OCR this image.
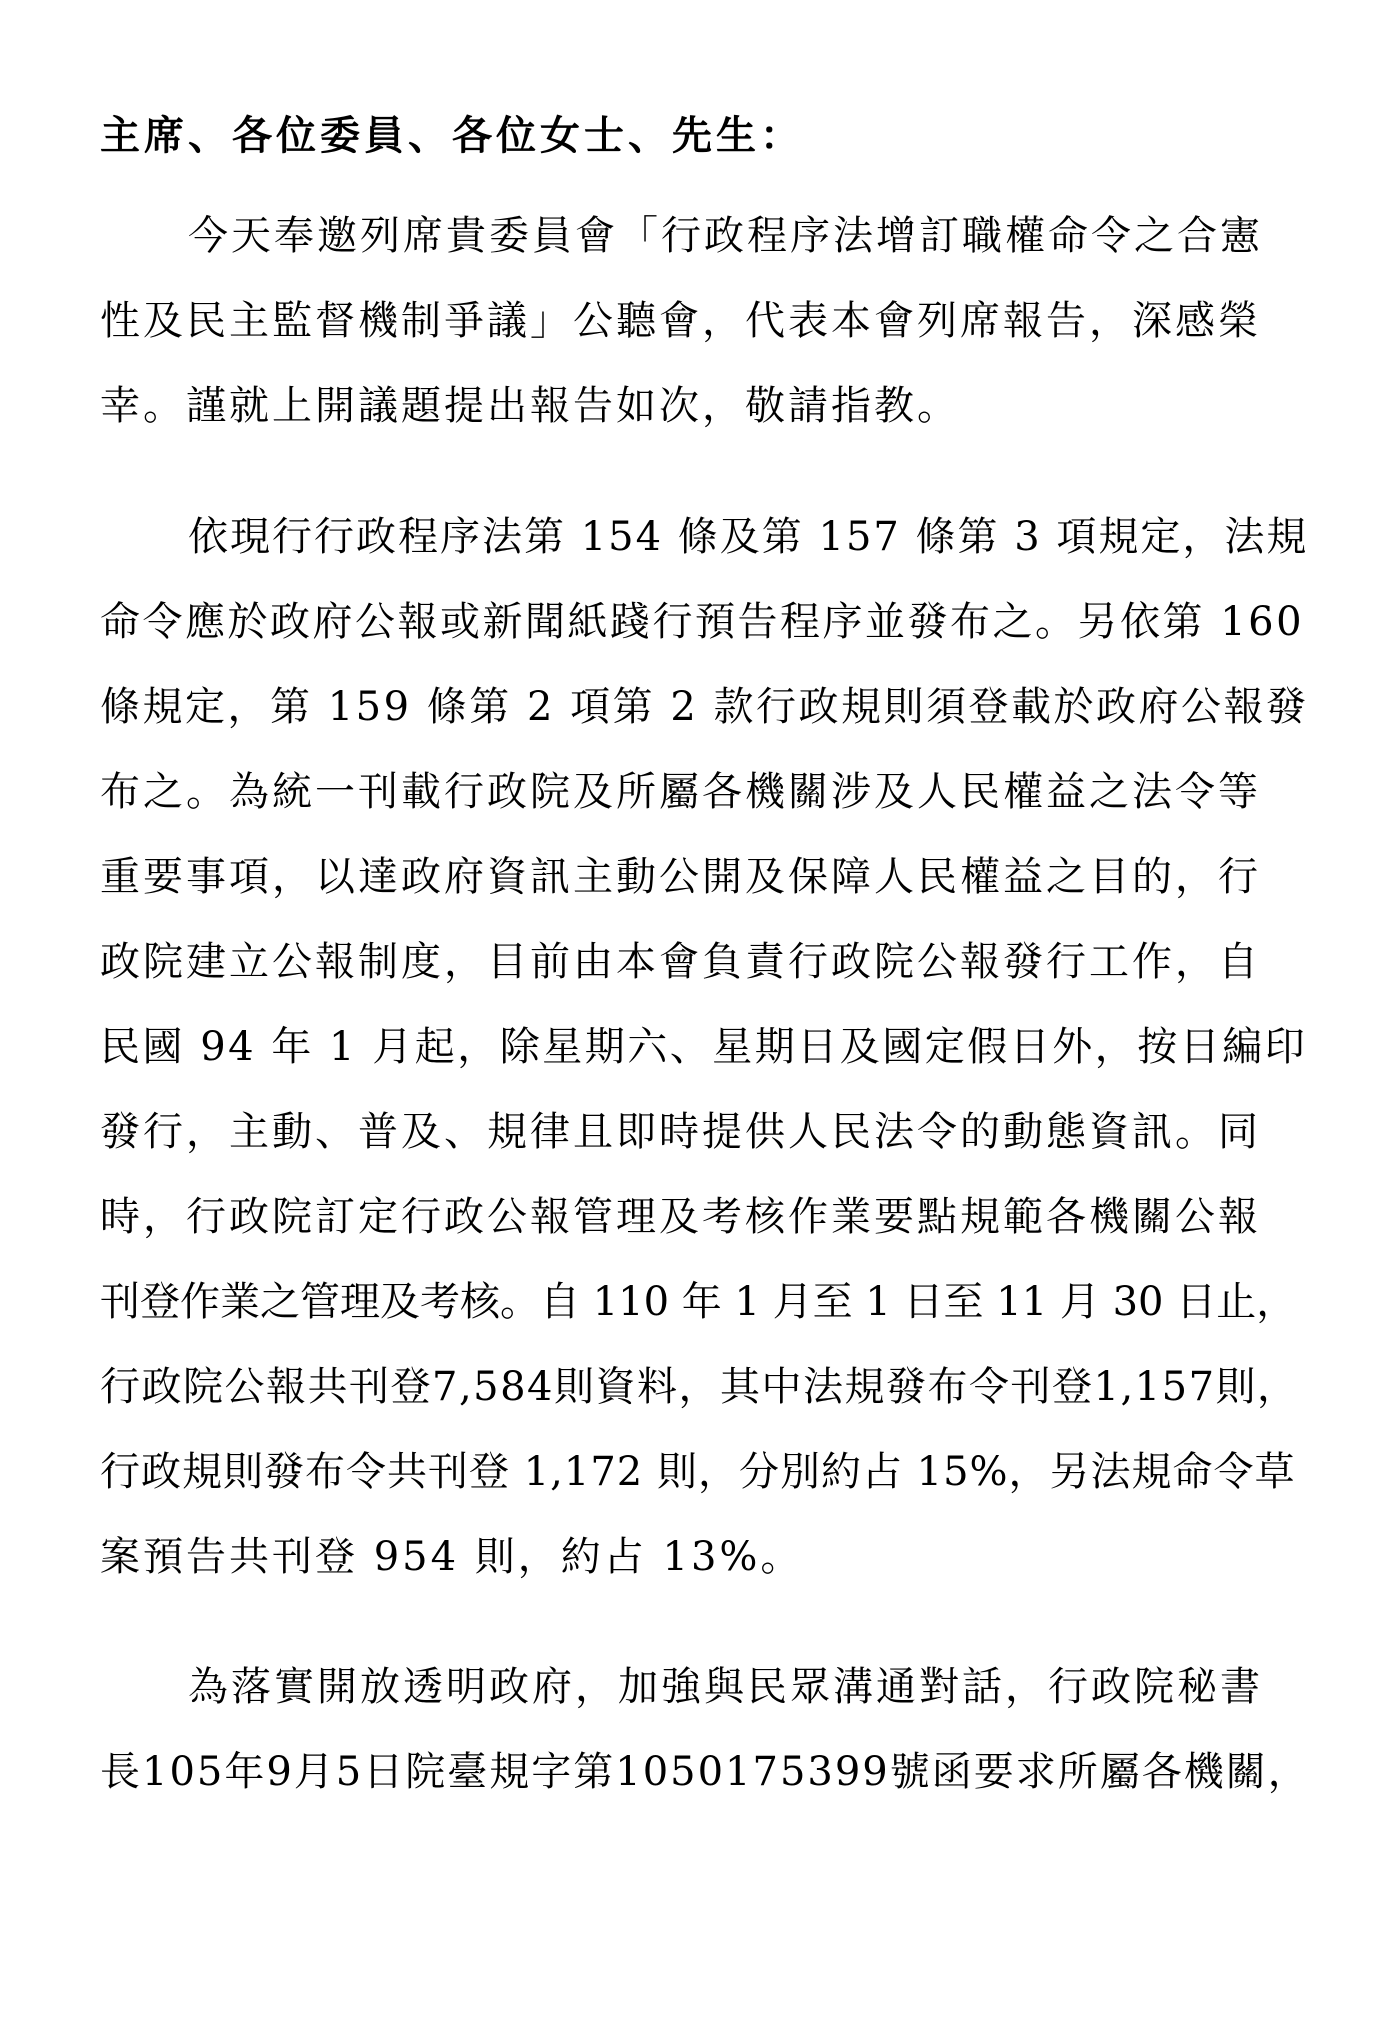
主席、各位委員、各位女士、先生：
今天奉邀列席貴委員會「行政程序法增訂職權命令之合憲
性及民主監督機制爭議」公聽會，代表本會列席報告，深感榮
幸。謹就上開議題提出報告如次，敬請指教。
依現行行政程序法第 154 條及第 157 條第 3 項規定，法規
命令應於政府公報或新聞紙踐行預告程序並發布之。另依第 160
條規定，第 159 條第 2 項第 2 款行政規則須登載於政府公報發
布之。為統一刊載行政院及所屬各機關涉及人民權益之法令等
重要事項，以達政府資訊主動公開及保障人民權益之目的，行
政院建立公報制度，目前由本會負責行政院公報發行工作，自
民國 94 年 1 月起，除星期六、星期日及國定假日外，按日編印
發行，主動、普及、規律且即時提供人民法令的動態資訊。同
時，行政院訂定行政公報管理及考核作業要點規範各機關公報
刊登作業之管理及考核。自 110 年 1 月至 1 日至 11 月 30 日止，
行政院公報共刊登7,584則資料，其中法規發布令刊登1,157則，
行政規則發布令共刊登 1,172 則，分別約占 15%，另法規命令草
案預告共刊登 954 則，約占 13%。
為落實開放透明政府，加強與民眾溝通對話，行政院秘書
長105年9月5日院臺規字第1050175399號函要求所屬各機關，
